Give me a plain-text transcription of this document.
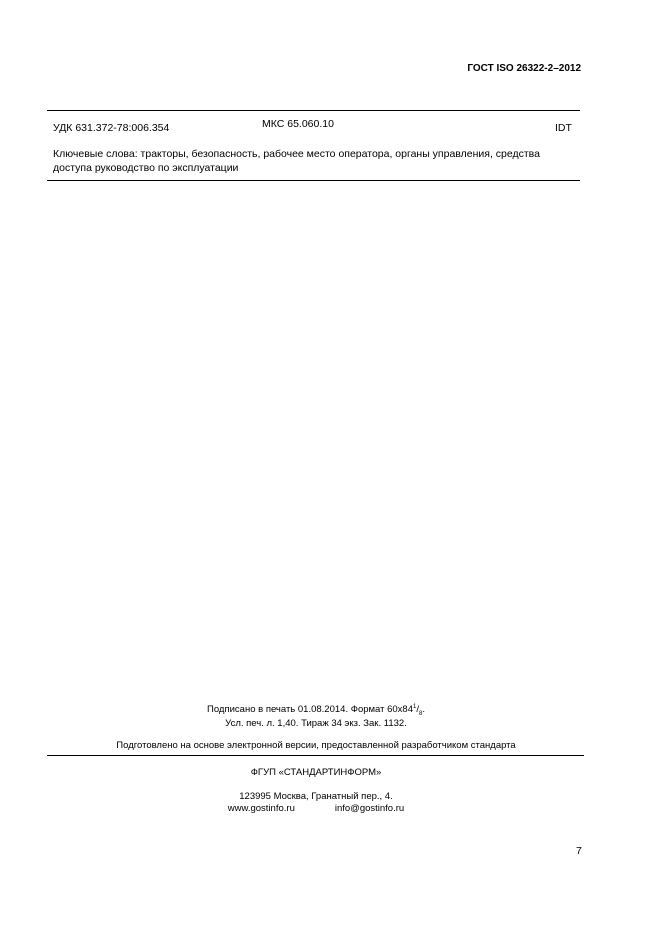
ГОСТ ISO 26322-2–2012
УДК 631.372-78:006.354	МКС 65.060.10	IDT
Ключевые слова: тракторы, безопасность, рабочее место оператора, органы управления, средства
доступа руководство по эксплуатации
Подписано в печать 01.08.2014. Формат $60x84^1/_8$.
Усл. печ. л. 1,40. Тираж 34 экз. Зак. 1132.
Подготовлено на основе электронной версии, предоставленной разработчиком стандарта
ФГУП «СТАНДАРТИНФОРМ»
123995 Москва, Гранатный пер., 4.
www.gostinfo.ru	info@gostinfo.ru
7
